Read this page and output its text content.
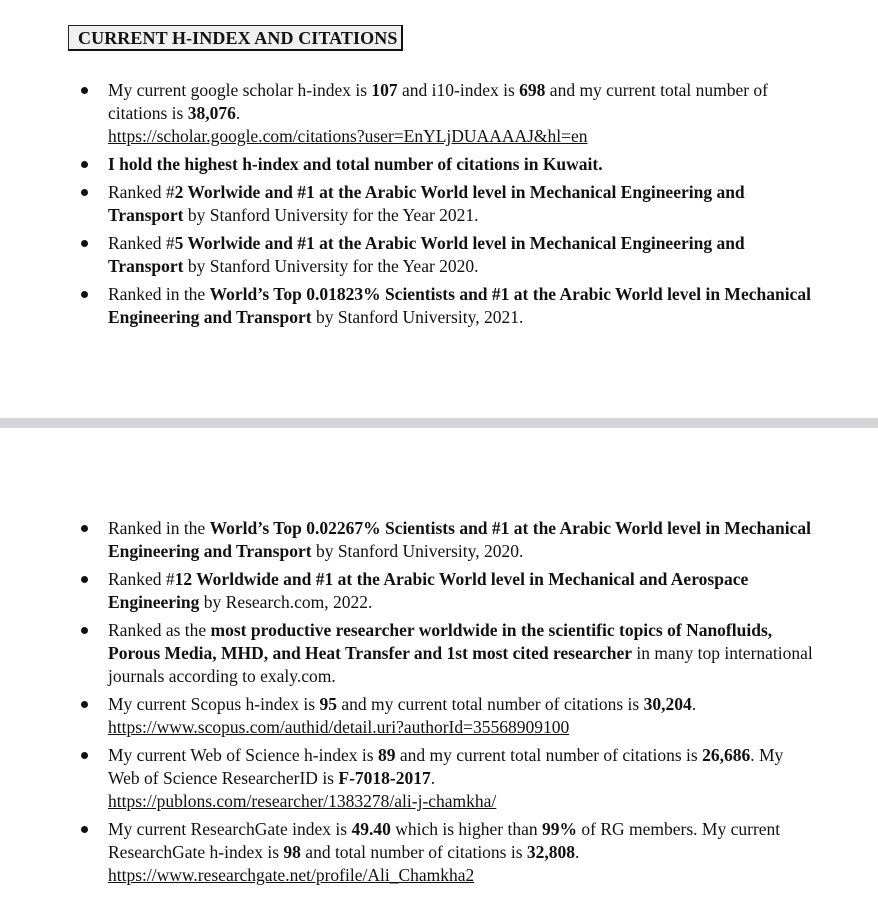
CURRENT H-INDEX AND CITATIONS
My current google scholar h-index is 107 and i10-index is 698 and my current total number of citations is 38,076.
https://scholar.google.com/citations?user=EnYLjDUAAAAJ&hl=en
I hold the highest h-index and total number of citations in Kuwait.
Ranked #2 Worlwide and #1 at the Arabic World level in Mechanical Engineering and Transport by Stanford University for the Year 2021.
Ranked #5 Worlwide and #1 at the Arabic World level in Mechanical Engineering and Transport by Stanford University for the Year 2020.
Ranked in the World’s Top 0.01823% Scientists and #1 at the Arabic World level in Mechanical Engineering and Transport by Stanford University, 2021.
Ranked in the World’s Top 0.02267% Scientists and #1 at the Arabic World level in Mechanical Engineering and Transport by Stanford University, 2020.
Ranked #12 Worldwide and #1 at the Arabic World level in Mechanical and Aerospace Engineering by Research.com, 2022.
Ranked as the most productive researcher worldwide in the scientific topics of Nanofluids, Porous Media, MHD, and Heat Transfer and 1st most cited researcher in many top international journals according to exaly.com.
My current Scopus h-index is 95 and my current total number of citations is 30,204.
https://www.scopus.com/authid/detail.uri?authorId=35568909100
My current Web of Science h-index is 89 and my current total number of citations is 26,686. My Web of Science ResearcherID is F-7018-2017.
https://publons.com/researcher/1383278/ali-j-chamkha/
My current ResearchGate index is 49.40 which is higher than 99% of RG members. My current ResearchGate h-index is 98 and total number of citations is 32,808.
https://www.researchgate.net/profile/Ali_Chamkha2
